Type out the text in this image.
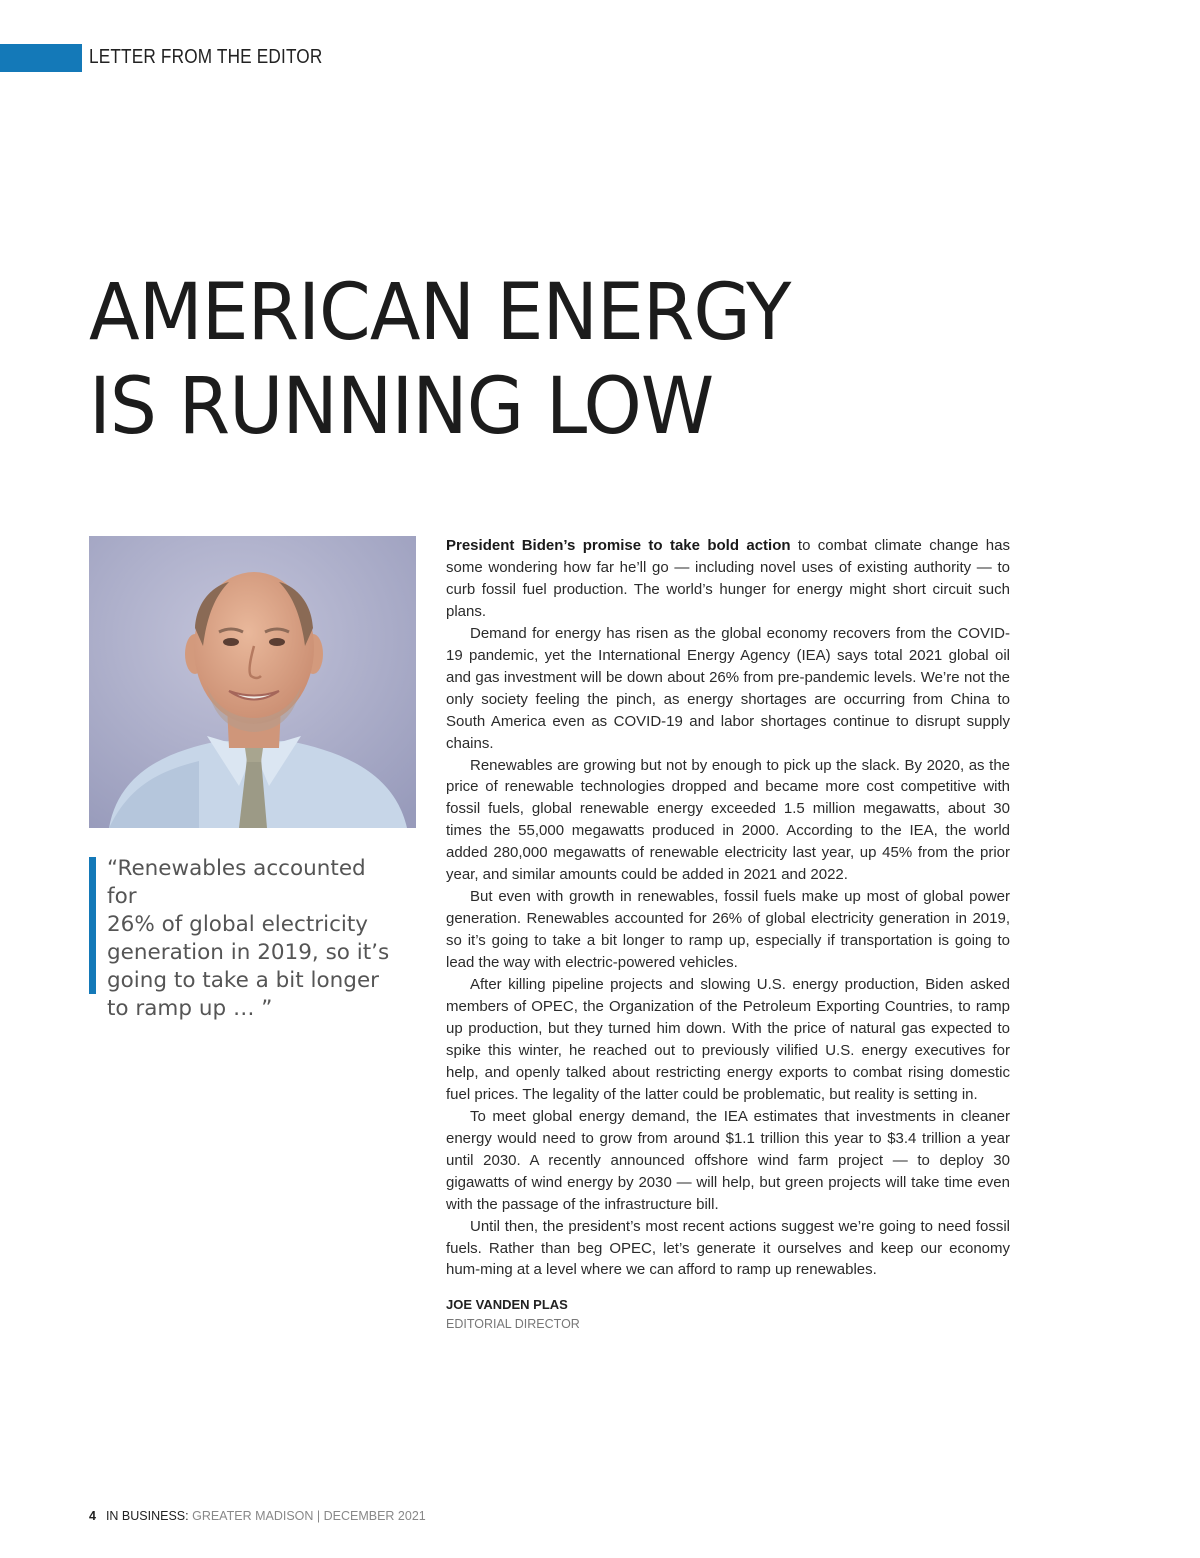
LETTER FROM THE EDITOR
AMERICAN ENERGY
IS RUNNING LOW

“Renewables accounted for
26% of global electricity
generation in 2019, so it’s
going to take a bit longer
to ramp up … ”

President Biden’s promise to take bold action to combat climate change has some wondering how far he’ll go — including novel uses of existing authority — to curb fossil fuel production. The world’s hunger for energy might short circuit such plans.

Demand for energy has risen as the global economy recovers from the COVID-19 pandemic, yet the International Energy Agency (IEA) says total 2021 global oil and gas investment will be down about 26% from pre-pandemic levels. We’re not the only society feeling the pinch, as energy shortages are occurring from China to South America even as COVID-19 and labor shortages continue to disrupt supply chains.

Renewables are growing but not by enough to pick up the slack. By 2020, as the price of renewable technologies dropped and became more cost competitive with fossil fuels, global renewable energy exceeded 1.5 million megawatts, about 30 times the 55,000 megawatts produced in 2000. According to the IEA, the world added 280,000 megawatts of renewable electricity last year, up 45% from the prior year, and similar amounts could be added in 2021 and 2022.

But even with growth in renewables, fossil fuels make up most of global power generation. Renewables accounted for 26% of global electricity generation in 2019, so it’s going to take a bit longer to ramp up, especially if transportation is going to lead the way with electric-powered vehicles.

After killing pipeline projects and slowing U.S. energy production, Biden asked members of OPEC, the Organization of the Petroleum Exporting Countries, to ramp up production, but they turned him down. With the price of natural gas expected to spike this winter, he reached out to previously vilified U.S. energy executives for help, and openly talked about restricting energy exports to combat rising domestic fuel prices. The legality of the latter could be problematic, but reality is setting in.

To meet global energy demand, the IEA estimates that investments in cleaner energy would need to grow from around $1.1 trillion this year to $3.4 trillion a year until 2030. A recently announced offshore wind farm project — to deploy 30 gigawatts of wind energy by 2030 — will help, but green projects will take time even with the passage of the infrastructure bill.

Until then, the president’s most recent actions suggest we’re going to need fossil fuels. Rather than beg OPEC, let’s generate it ourselves and keep our economy hum-ming at a level where we can afford to ramp up renewables.

JOE VANDEN PLAS
EDITORIAL DIRECTOR
4 IN BUSINESS: GREATER MADISON | DECEMBER 2021
